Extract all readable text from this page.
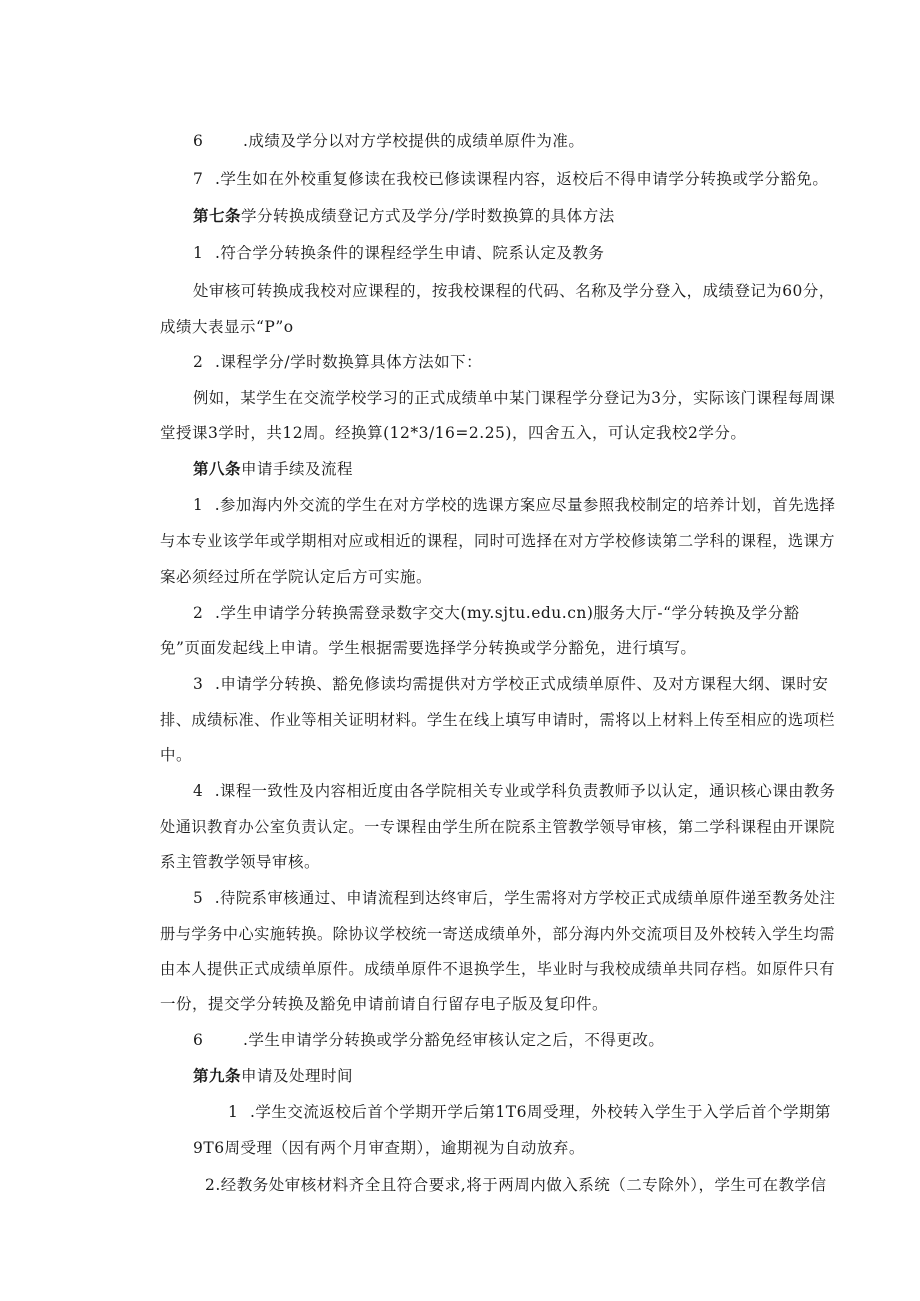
6	.成绩及学分以对方学校提供的成绩单原件为准。
7 .学生如在外校重复修读在我校已修读课程内容，返校后不得申请学分转换或学分豁免。
第七条学分转换成绩登记方式及学分/学时数换算的具体方法
1 .符合学分转换条件的课程经学生申请、院系认定及教务
处审核可转换成我校对应课程的，按我校课程的代码、名称及学分登入，成绩登记为60分，
成绩大表显示“P”o
2 .课程学分/学时数换算具体方法如下：
例如，某学生在交流学校学习的正式成绩单中某门课程学分登记为3分，实际该门课程每周课
堂授课3学时，共12周。经换算(12*3/16=2.25)，四舍五入，可认定我校2学分。
第八条申请手续及流程
1 .参加海内外交流的学生在对方学校的选课方案应尽量参照我校制定的培养计划，首先选择
与本专业该学年或学期相对应或相近的课程，同时可选择在对方学校修读第二学科的课程，选课方
案必须经过所在学院认定后方可实施。
2 .学生申请学分转换需登录数字交大(my.sjtu.edu.cn)服务大厅-“学分转换及学分豁
免”页面发起线上申请。学生根据需要选择学分转换或学分豁免，进行填写。
3 .申请学分转换、豁免修读均需提供对方学校正式成绩单原件、及对方课程大纲、课时安
排、成绩标准、作业等相关证明材料。学生在线上填写申请时，需将以上材料上传至相应的选项栏
中。
4 .课程一致性及内容相近度由各学院相关专业或学科负责教师予以认定，通识核心课由教务
处通识教育办公室负责认定。一专课程由学生所在院系主管教学领导审核，第二学科课程由开课院
系主管教学领导审核。
5 .待院系审核通过、申请流程到达终审后，学生需将对方学校正式成绩单原件递至教务处注
册与学务中心实施转换。除协议学校统一寄送成绩单外，部分海内外交流项目及外校转入学生均需
由本人提供正式成绩单原件。成绩单原件不退换学生，毕业时与我校成绩单共同存档。如原件只有
一份，提交学分转换及豁免申请前请自行留存电子版及复印件。
6	.学生申请学分转换或学分豁免经审核认定之后，不得更改。
第九条申请及处理时间
1 .学生交流返校后首个学期开学后第1T6周受理，外校转入学生于入学后首个学期第
9T6周受理（因有两个月审查期），逾期视为自动放弃。
2.经教务处审核材料齐全且符合要求,将于两周内做入系统（二专除外），学生可在教学信
